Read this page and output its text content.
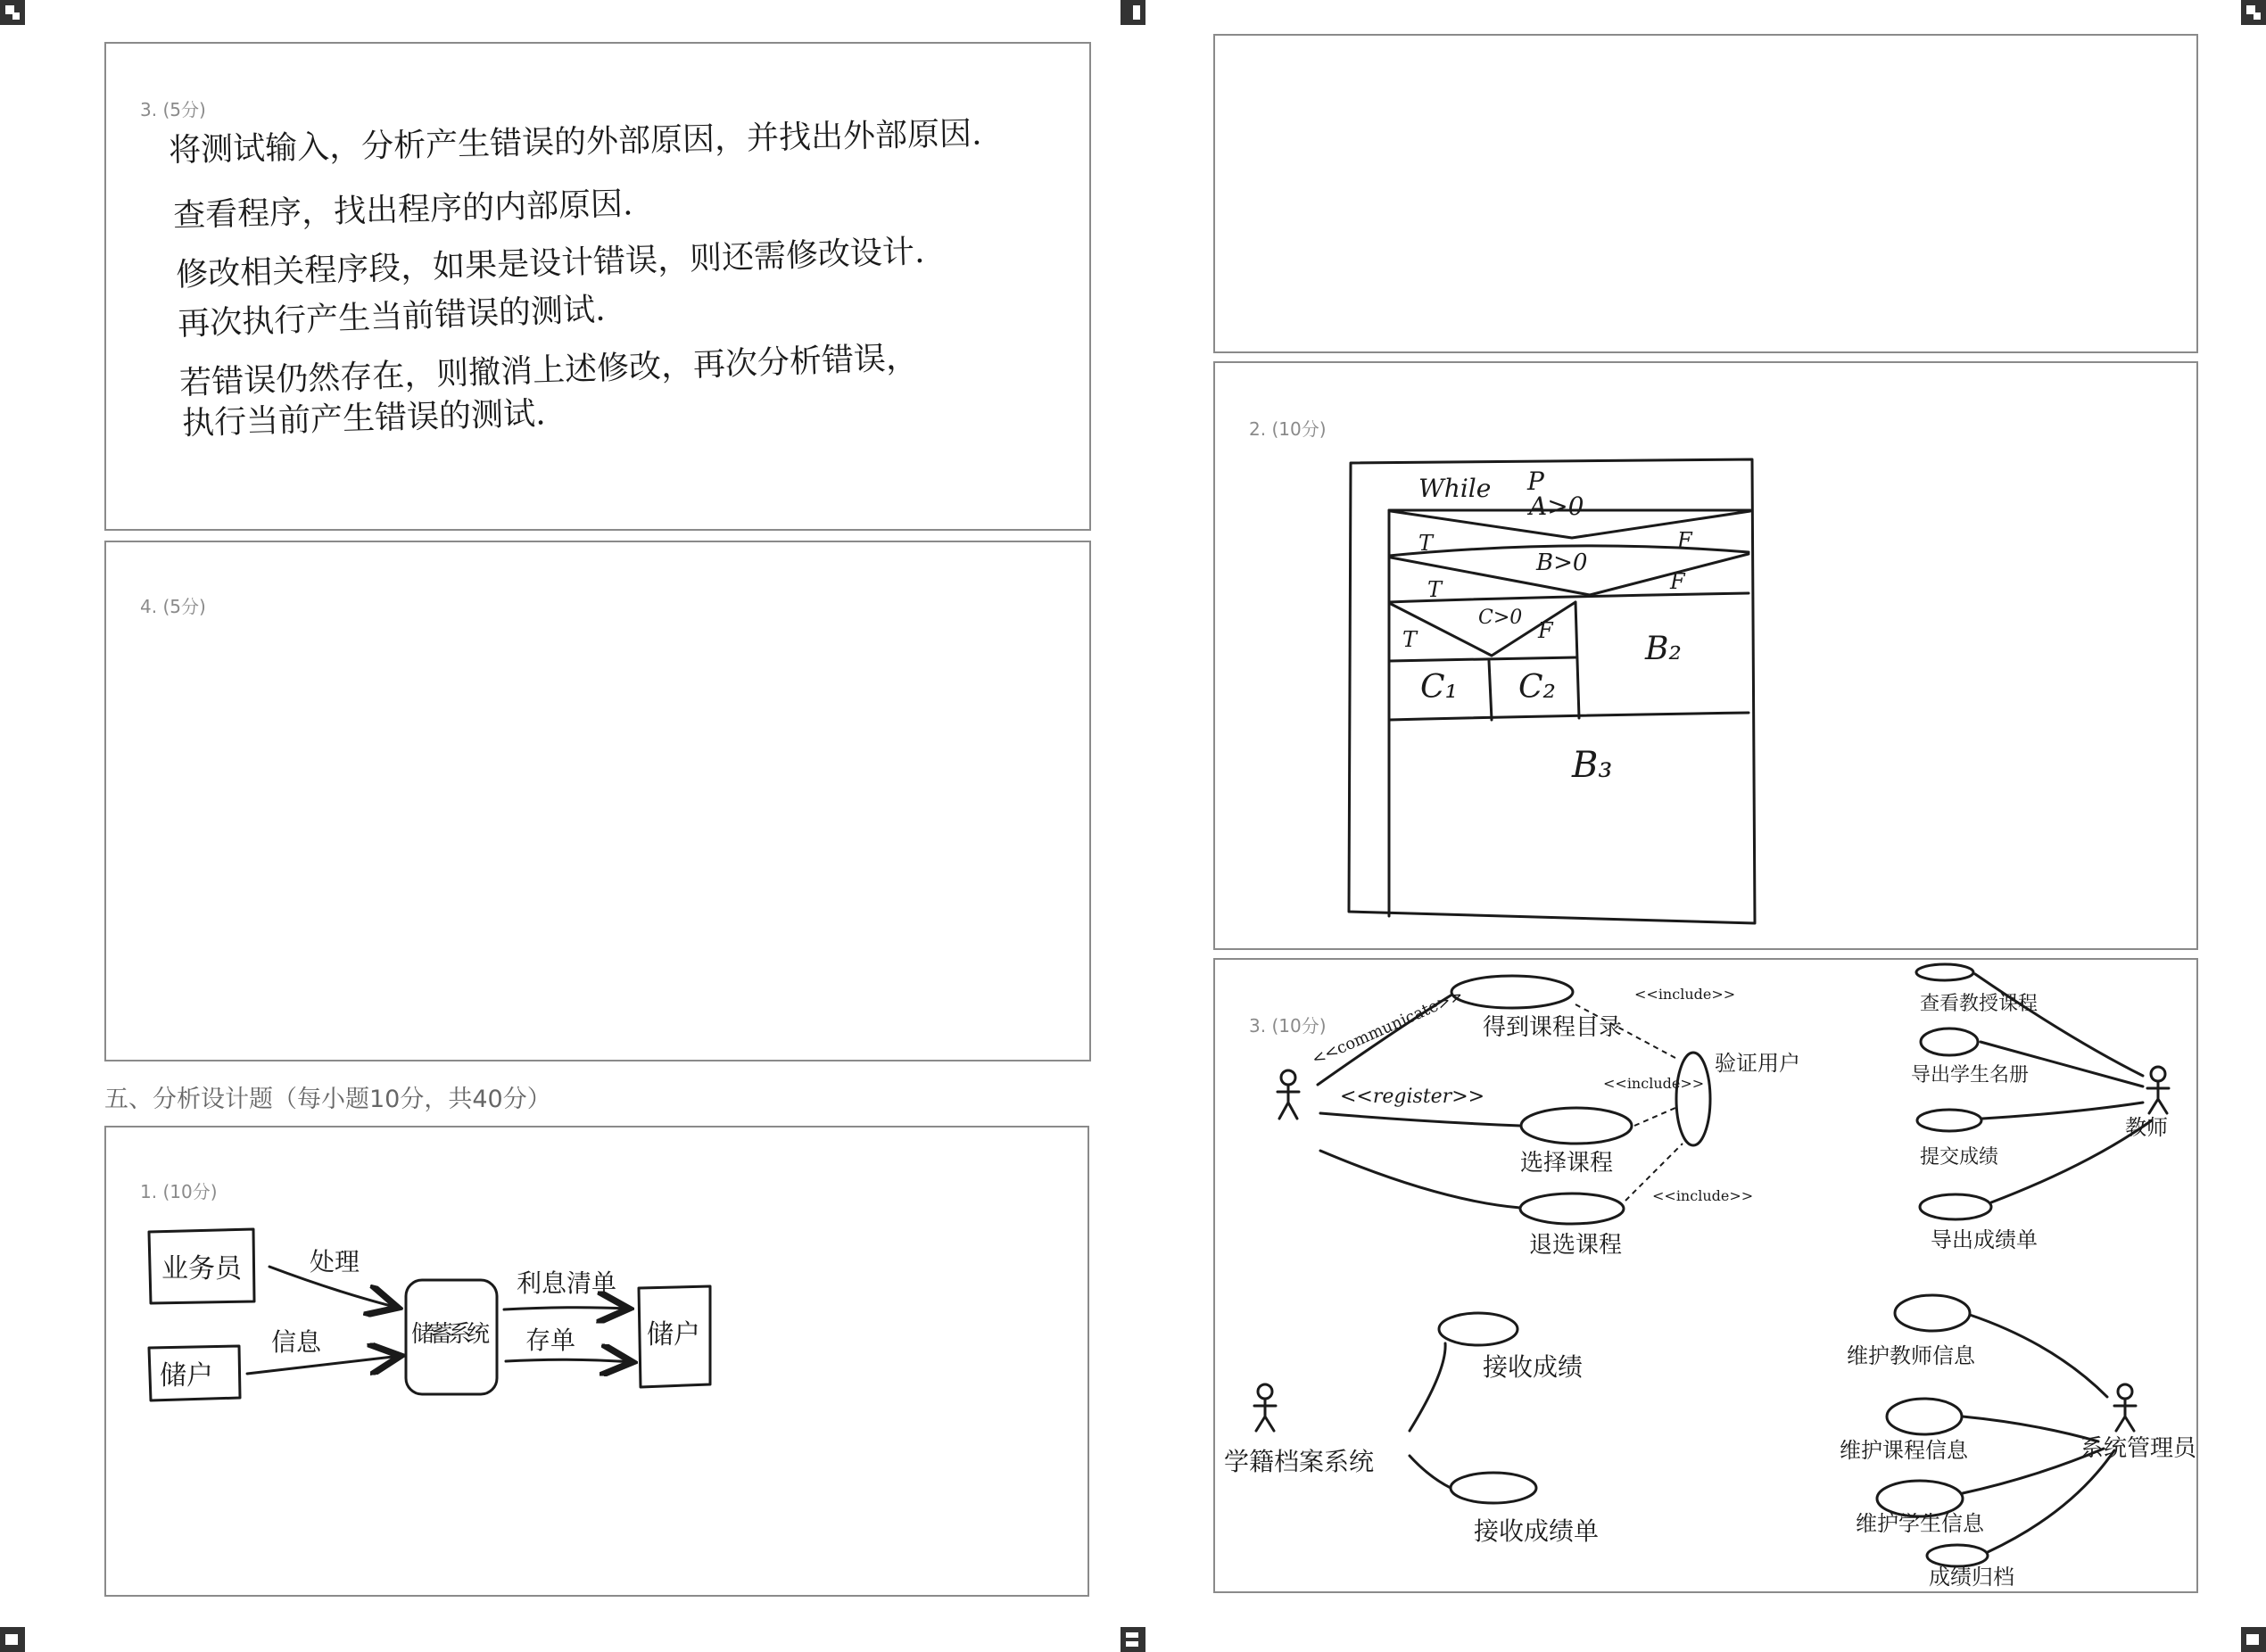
3. (5分)
将测试输入，分析产生错误的外部原因，并找出外部原因.
查看程序，找出程序的内部原因.
修改相关程序段，如果是设计错误，则还需修改设计.
再次执行产生当前错误的测试.
若错误仍然存在，则撤消上述修改，再次分析错误，
执行当前产生错误的测试.
4. (5分)
五、分析设计题（每小题10分，共40分）
1. (10分)
业务员
储户
储蓄系统	储户
处理
信息
利息清单
存单
2. (10分)
While P
A>0
T	F
B>0
T	F
C>0
T	F
C₁ C₂
B₂
B₃
3. (10分)	得到课程目录
<<communicate>>	<<include>>
验证用户
<<register>>
<<include>>
选择课程
退选课程
<<include>>
教师
查看教授课程
导出学生名册
提交成绩
导出成绩单
学籍档案系统
接收成绩
接收成绩单
系统管理员
维护教师信息
维护课程信息
维护学生信息
成绩归档
